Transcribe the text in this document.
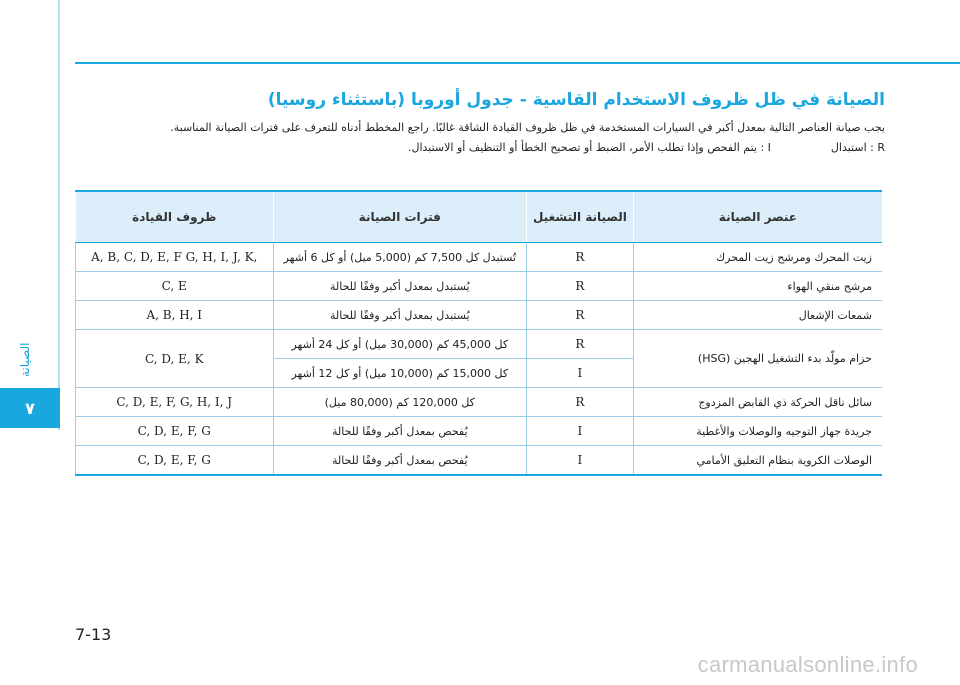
الصيانة
٧
الصيانة في ظل ظروف الاستخدام القاسية - جدول أوروبا (باستثناء روسيا)

يجب صيانة العناصر التالية بمعدل أكبر في السيارات المستخدمة في ظل ظروف القيادة الشاقة غالبًا. راجع المخطط أدناه للتعرف على فترات الصيانة المناسبة.

R : استبدال
I : يتم الفحص وإذا تطلب الأمر، الضبط أو تصحيح الخطأ أو التنظيف أو الاستبدال.
عنصر الصيانة	الصيانة التشغيل	فترات الصيانة	ظروف القيادة
زيت المحرك ومرشح زيت المحرك	R	تُستبدل كل 7,500 كم (5,000 ميل) أو كل 6 أشهر	A, B, C, D, E, F G, H, I, J, K,
مرشح منقي الهواء	R	يُستبدل بمعدل أكبر وفقًا للحالة	C, E
شمعات الإشعال	R	يُستبدل بمعدل أكبر وفقًا للحالة	A, B, H, I
حزام مولّد بدء التشغيل الهجين (HSG)	R	كل 45,000 كم (30,000 ميل) أو كل 24 أشهر	C, D, E, K
	I	كل 15,000 كم (10,000 ميل) أو كل 12 أشهر	
سائل ناقل الحركة ذي القابض المزدوج	R	كل 120,000 كم (80,000 ميل)	C, D, E, F, G, H, I, J
جريدة جهاز التوجيه والوصلات والأغطية	I	يُفحص بمعدل أكبر وفقًا للحالة	C, D, E, F, G
الوصلات الكروية بنظام التعليق الأمامي	I	يُفحص بمعدل أكبر وفقًا للحالة	C, D, E, F, G
7-13
carmanualsonline.info
